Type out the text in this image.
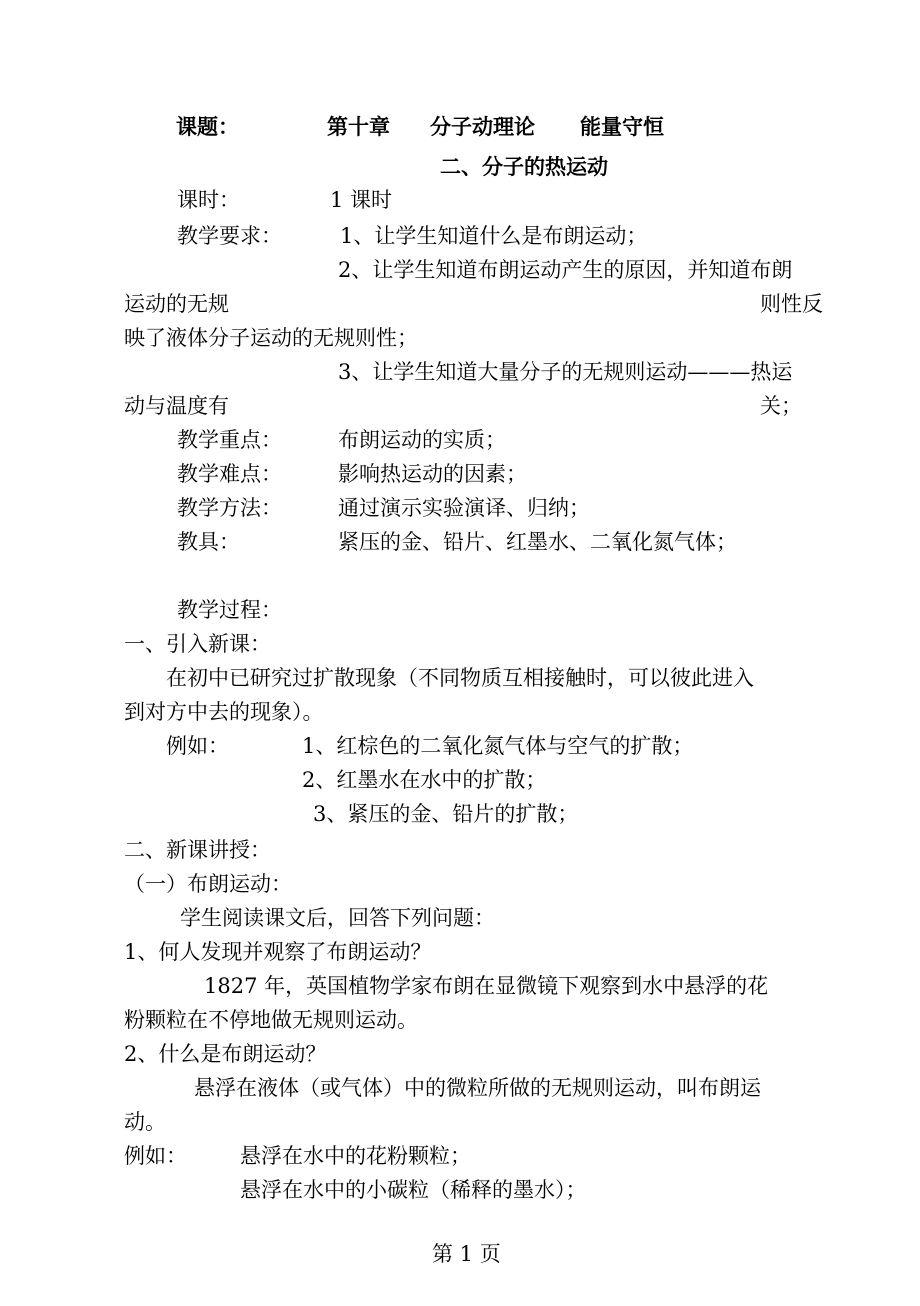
课题：	第十章 分子动理论 能量守恒
二、分子的热运动
课时：	1 课时
教学要求：	1、让学生知道什么是布朗运动；
2、让学生知道布朗运动产生的原因，并知道布朗
运动的无规	则性反
映了液体分子运动的无规则性；
3、让学生知道大量分子的无规则运动———热运
动与温度有	关；
教学重点：	布朗运动的实质；
教学难点：	影响热运动的因素；
教学方法：	通过演示实验演译、归纳；
教具：	紧压的金、铅片、红墨水、二氧化氮气体；
教学过程：
一、引入新课：
在初中已研究过扩散现象（不同物质互相接触时，可以彼此进入
到对方中去的现象）。
例如：	1、红棕色的二氧化氮气体与空气的扩散；
2、红墨水在水中的扩散；
3、紧压的金、铅片的扩散；
二、新课讲授：
（一）布朗运动：
学生阅读课文后，回答下列问题：
1、何人发现并观察了布朗运动？
1827 年，英国植物学家布朗在显微镜下观察到水中悬浮的花
粉颗粒在不停地做无规则运动。
2、什么是布朗运动？
悬浮在液体（或气体）中的微粒所做的无规则运动，叫布朗运
动。
例如：	悬浮在水中的花粉颗粒；
悬浮在水中的小碳粒（稀释的墨水）；
第 1 页
